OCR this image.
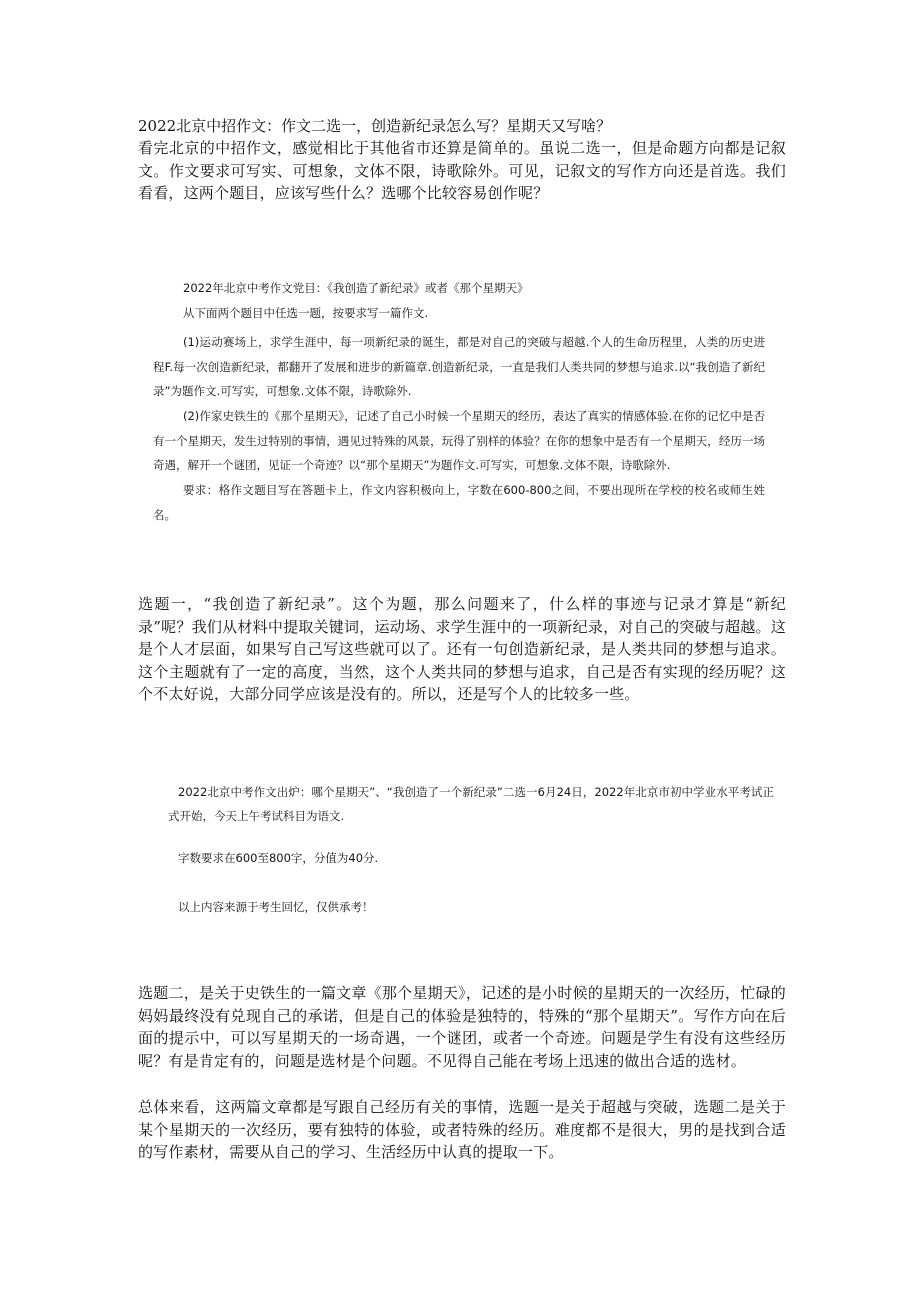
2022北京中招作文：作文二选一，创造新纪录怎么写？星期天又写啥？
看完北京的中招作文，感觉相比于其他省市还算是简单的。虽说二选一，但是命题方向都是记叙文。作文要求可写实、可想象，文体不限，诗歌除外。可见，记叙文的写作方向还是首选。我们看看，这两个题目，应该写些什么？选哪个比较容易创作呢？
2022年北京中考作文党目：《我创造了新纪录》或者《那个星期天》
从下面两个题目中任选一题，按要求写一篇作文.
(1)运动赛场上，求学生涯中，每一项新纪录的诞生，都是对自己的突破与超越.个人的生命历程里，人类的历史进程F.每一次创造新纪录，都翻开了发展和进步的新篇章.创造新纪录，一直是我们人类共同的梦想与追求.以“我创造了新纪录”为题作文.可写实，可想象.文体不限，诗歌除外.
(2)作家史铁生的《那个星期天》，记述了自己小时候一个星期天的经历，表达了真实的情感体验.在你的记忆中是否有一个星期天，发生过特别的事情，遇见过特殊的风景，玩得了别样的体验？在你的想象中是否有一个星期天，经历一场奇遇，解开一个谜团，见证一个奇迹？以“那个星期天”为题作文.可写实，可想象.文体不限，诗歌除外.
要求：格作文题目写在答题卡上，作文内容积极向上，字数在600-800之间，不要出现所在学校的校名或师生姓名。
选题一，“我创造了新纪录”。这个为题，那么问题来了，什么样的事迹与记录才算是“新纪录”呢？我们从材料中提取关键词，运动场、求学生涯中的一项新纪录，对自己的突破与超越。这是个人才层面，如果写自己写这些就可以了。还有一句创造新纪录，是人类共同的梦想与追求。这个主题就有了一定的高度，当然，这个人类共同的梦想与追求，自己是否有实现的经历呢？这个不太好说，大部分同学应该是没有的。所以，还是写个人的比较多一些。
2022北京中考作文出炉：哪个星期天”、“我创造了一个新纪录”二选一6月24日，2022年北京市初中学业水平考试正式开始，今天上午考试科目为语文.
字数要求在600至800字，分值为40分.
以上内容来源于考生回忆，仅供承考！
选题二，是关于史铁生的一篇文章《那个星期天》，记述的是小时候的星期天的一次经历，忙碌的妈妈最终没有兑现自己的承诺，但是自己的体验是独特的，特殊的“那个星期天”。写作方向在后面的提示中，可以写星期天的一场奇遇，一个谜团，或者一个奇迹。问题是学生有没有这些经历呢？有是肯定有的，问题是选材是个问题。不见得自己能在考场上迅速的做出合适的选材。
总体来看，这两篇文章都是写跟自己经历有关的事情，选题一是关于超越与突破，选题二是关于某个星期天的一次经历，要有独特的体验，或者特殊的经历。难度都不是很大，男的是找到合适的写作素材，需要从自己的学习、生活经历中认真的提取一下。
